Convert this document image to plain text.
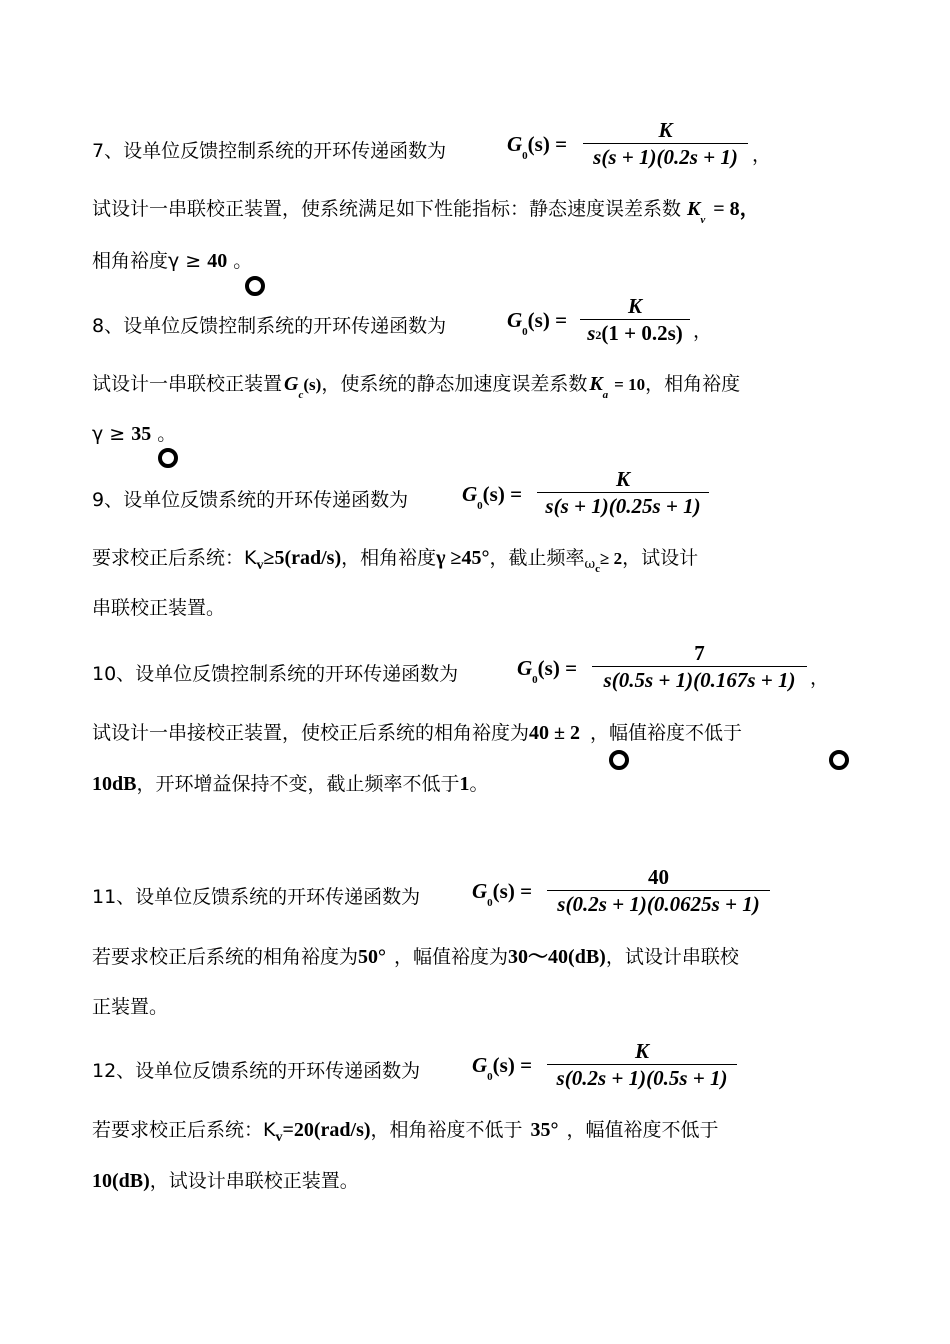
7、设单位反馈控制系统的开环传递函数为	$G_0(s)$ =
K
s(s + 1)(0.2s + 1) ，
试设计一串联校正装置，使系统满足如下性能指标：静态速度误差系数 $K_v = 8$，
相角裕度γ ≥ 40 。
8、设单位反馈控制系统的开环传递函数为	$G_0(s)$ =
K
s2(1 + 0.2s) ，
试设计一串联校正装置 $G_c(s)$，使系统的静态加速度误差系数 $K_a= 10$，相角裕度
γ ≥ 35 。
9、设单位反馈系统的开环传递函数为	$G_0(s)$ =
K
s(s + 1)(0.25s + 1)
要求校正后系统：$K_v\ge 5(rad/s)$，相角裕度γ ≥45°，截止频率$_{\omega c}$≥ 2，试设计
串联校正装置。
10、设单位反馈控制系统的开环传递函数为	$G_0(s)$ =
7
s(0.5s + 1)(0.167s + 1) ，
试设计一串接校正装置，使校正后系统的相角裕度为40 ± 2 ，幅值裕度不低于
10dB，开环增益保持不变，截止频率不低于1。
11、设单位反馈系统的开环传递函数为 $G_0(s)$ =
40
s(0.2s + 1)(0.0625s + 1)
若要求校正后系统的相角裕度为50° ，幅值裕度为30～40(dB)，试设计串联校
正装置。
12、设单位反馈系统的开环传递函数为 $G_0(s)$ =
K
s(0.2s + 1)(0.5s + 1)
若要求校正后系统：$K_v=20(rad/s)$，相角裕度不低于 35° ，幅值裕度不低于
10(dB)，试设计串联校正装置。
